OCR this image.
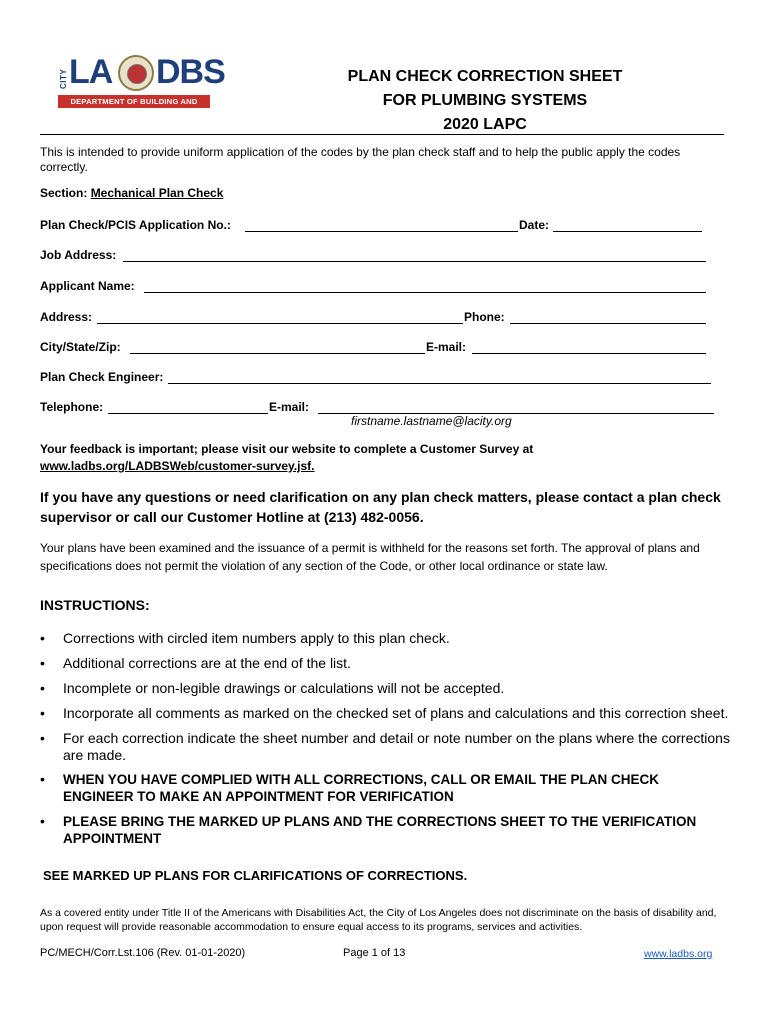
CITY LA DBS
DEPARTMENT OF BUILDING AND SAFETY
PLAN CHECK CORRECTION SHEET
FOR PLUMBING SYSTEMS
2020 LAPC
This is intended to provide uniform application of the codes by the plan check staff and to help the public apply the codes correctly.
Section: Mechanical Plan Check
Plan Check/PCIS Application No.:	Date:
Job Address:
Applicant Name:
Address:	Phone:
City/State/Zip:	E-mail:
Plan Check Engineer:
Telephone:	E-mail:
firstname.lastname@lacity.org
Your feedback is important; please visit our website to complete a Customer Survey at
www.ladbs.org/LADBSWeb/customer-survey.jsf.
If you have any questions or need clarification on any plan check matters, please contact a plan check supervisor or call our Customer Hotline at (213) 482-0056.
Your plans have been examined and the issuance of a permit is withheld for the reasons set forth. The approval of plans and specifications does not permit the violation of any section of the Code, or other local ordinance or state law.
INSTRUCTIONS:
•	Corrections with circled item numbers apply to this plan check.
•	Additional corrections are at the end of the list.
•	Incomplete or non-legible drawings or calculations will not be accepted.
•	Incorporate all comments as marked on the checked set of plans and calculations and this correction sheet.
•	For each correction indicate the sheet number and detail or note number on the plans where the corrections are made.
•	WHEN YOU HAVE COMPLIED WITH ALL CORRECTIONS, CALL OR EMAIL THE PLAN CHECK ENGINEER TO MAKE AN APPOINTMENT FOR VERIFICATION
•	PLEASE BRING THE MARKED UP PLANS AND THE CORRECTIONS SHEET TO THE VERIFICATION APPOINTMENT
SEE MARKED UP PLANS FOR CLARIFICATIONS OF CORRECTIONS.
As a covered entity under Title II of the Americans with Disabilities Act, the City of Los Angeles does not discriminate on the basis of disability and, upon request will provide reasonable accommodation to ensure equal access to its programs, services and activities.
PC/MECH/Corr.Lst.106 (Rev. 01-01-2020)	Page 1 of 13	www.ladbs.org
